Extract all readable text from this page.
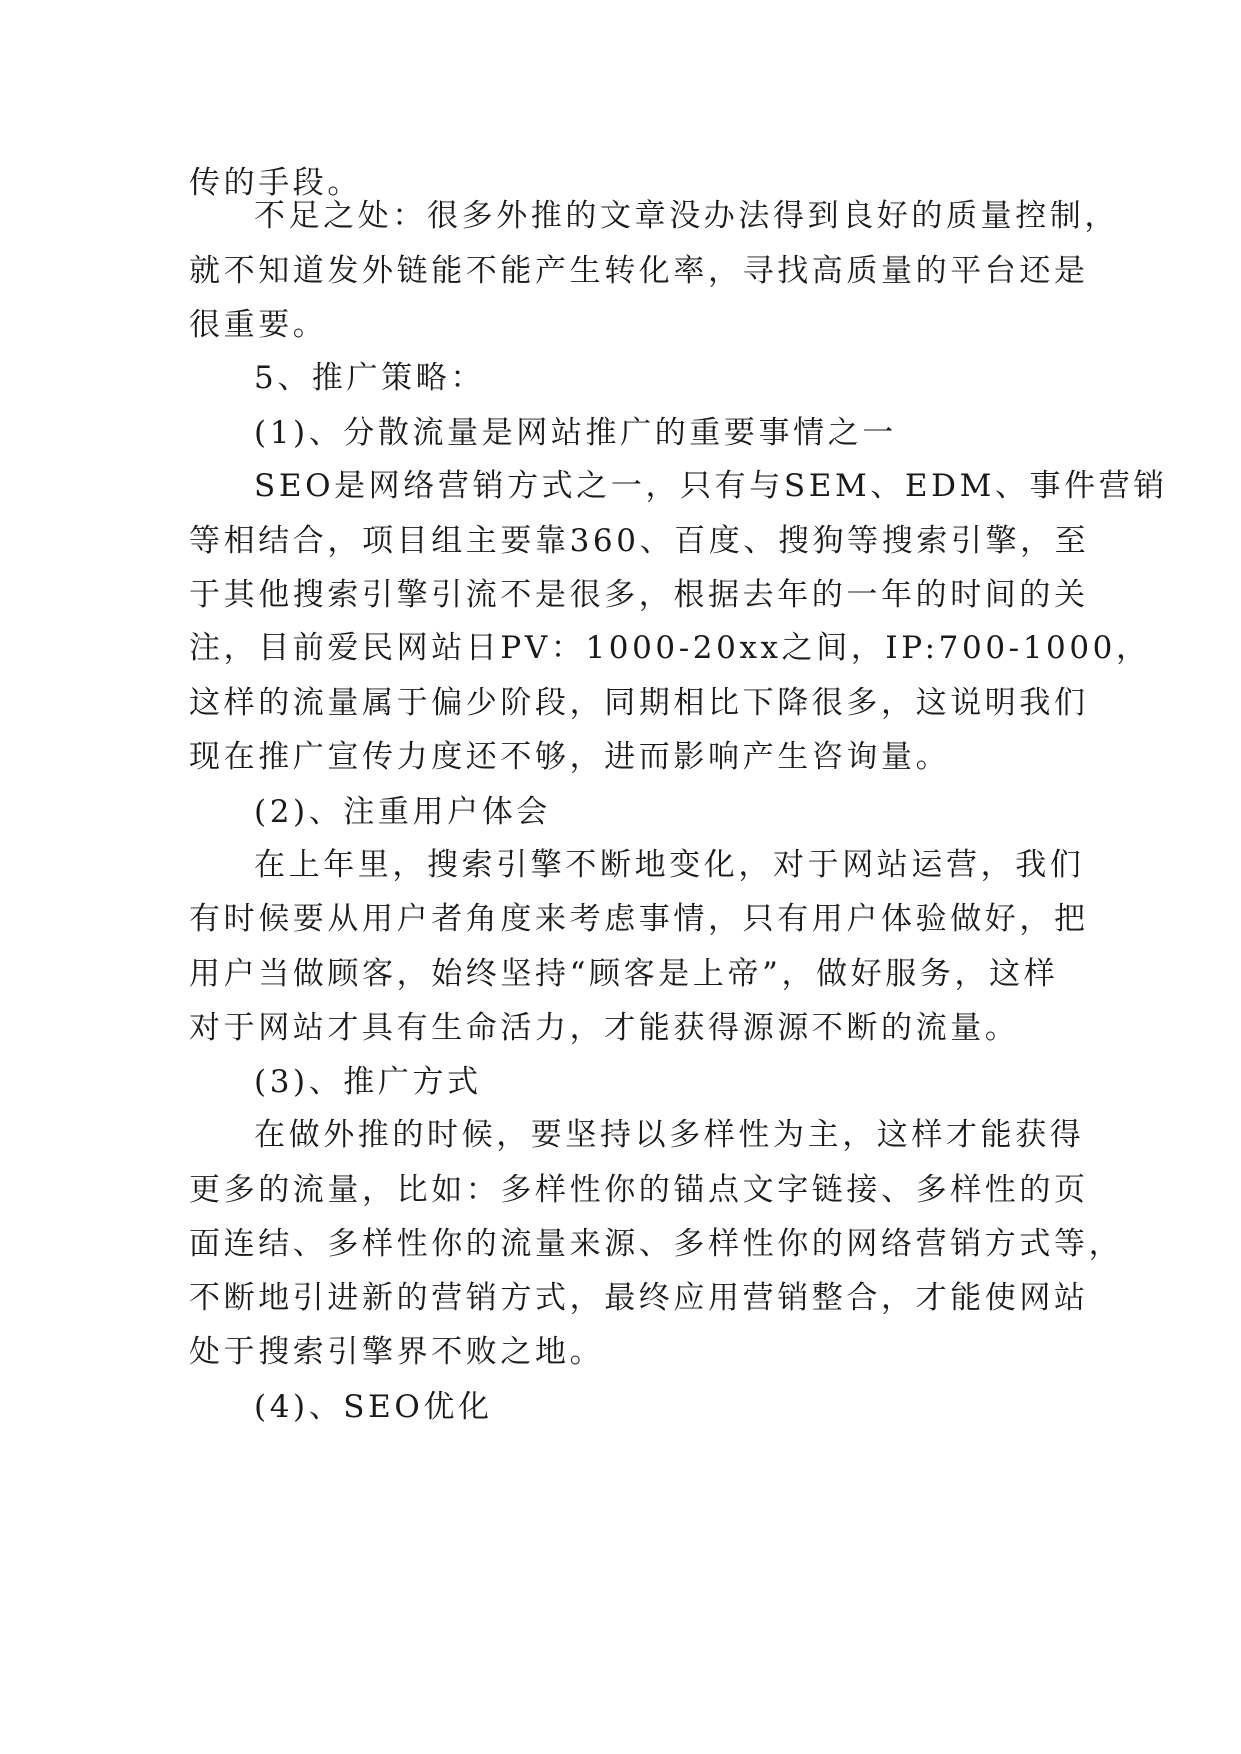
传的手段。
不足之处：很多外推的文章没办法得到良好的质量控制，
就不知道发外链能不能产生转化率，寻找高质量的平台还是
很重要。
5、推广策略：
(1)、分散流量是网站推广的重要事情之一
SEO是网络营销方式之一，只有与SEM、EDM、事件营销
等相结合，项目组主要靠360、百度、搜狗等搜索引擎，至
于其他搜索引擎引流不是很多，根据去年的一年的时间的关
注，目前爱民网站日PV：1000-20xx之间，IP:700-1000，
这样的流量属于偏少阶段，同期相比下降很多，这说明我们
现在推广宣传力度还不够，进而影响产生咨询量。
(2)、注重用户体会
在上年里，搜索引擎不断地变化，对于网站运营，我们
有时候要从用户者角度来考虑事情，只有用户体验做好，把
用户当做顾客，始终坚持“顾客是上帝”，做好服务，这样
对于网站才具有生命活力，才能获得源源不断的流量。
(3)、推广方式
在做外推的时候，要坚持以多样性为主，这样才能获得
更多的流量，比如：多样性你的锚点文字链接、多样性的页
面连结、多样性你的流量来源、多样性你的网络营销方式等，
不断地引进新的营销方式，最终应用营销整合，才能使网站
处于搜索引擎界不败之地。
(4)、SEO优化
